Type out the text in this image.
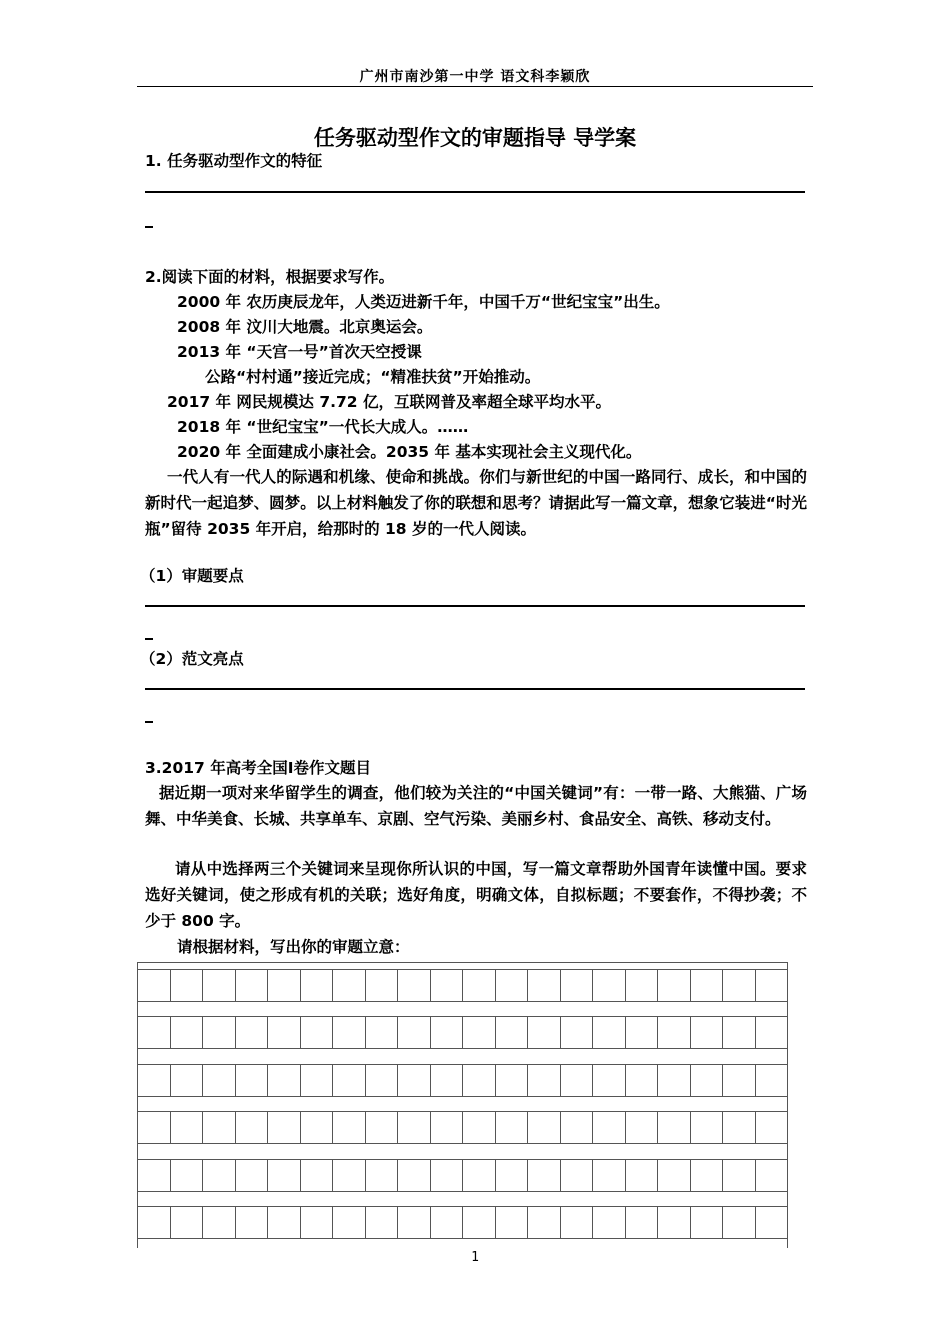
广州市南沙第一中学 语文科李颖欣
任务驱动型作文的审题指导 导学案
1. 任务驱动型作文的特征
2.阅读下面的材料，根据要求写作。
2000 年 农历庚辰龙年，人类迈进新千年，中国千万“世纪宝宝”出生。
2008 年 汶川大地震。北京奥运会。
2013 年 “天宫一号”首次天空授课
公路“村村通”接近完成；“精准扶贫”开始推动。
2017 年 网民规模达 7.72 亿，互联网普及率超全球平均水平。
2018 年 “世纪宝宝”一代长大成人。……
2020 年 全面建成小康社会。2035 年 基本实现社会主义现代化。
一代人有一代人的际遇和机缘、使命和挑战。你们与新世纪的中国一路同行、成长，和中国的新时代一起追梦、圆梦。以上材料触发了你的联想和思考？请据此写一篇文章，想象它装进“时光瓶”留待 2035 年开启，给那时的 18 岁的一代人阅读。
（1）审题要点
（2）范文亮点
3.2017 年高考全国Ⅰ卷作文题目
据近期一项对来华留学生的调查，他们较为关注的“中国关键词”有：一带一路、大熊猫、广场舞、中华美食、长城、共享单车、京剧、空气污染、美丽乡村、食品安全、高铁、移动支付。
请从中选择两三个关键词来呈现你所认识的中国，写一篇文章帮助外国青年读懂中国。要求选好关键词，使之形成有机的关联；选好角度，明确文体，自拟标题；不要套作，不得抄袭；不少于 800 字。
请根据材料，写出你的审题立意：
1
